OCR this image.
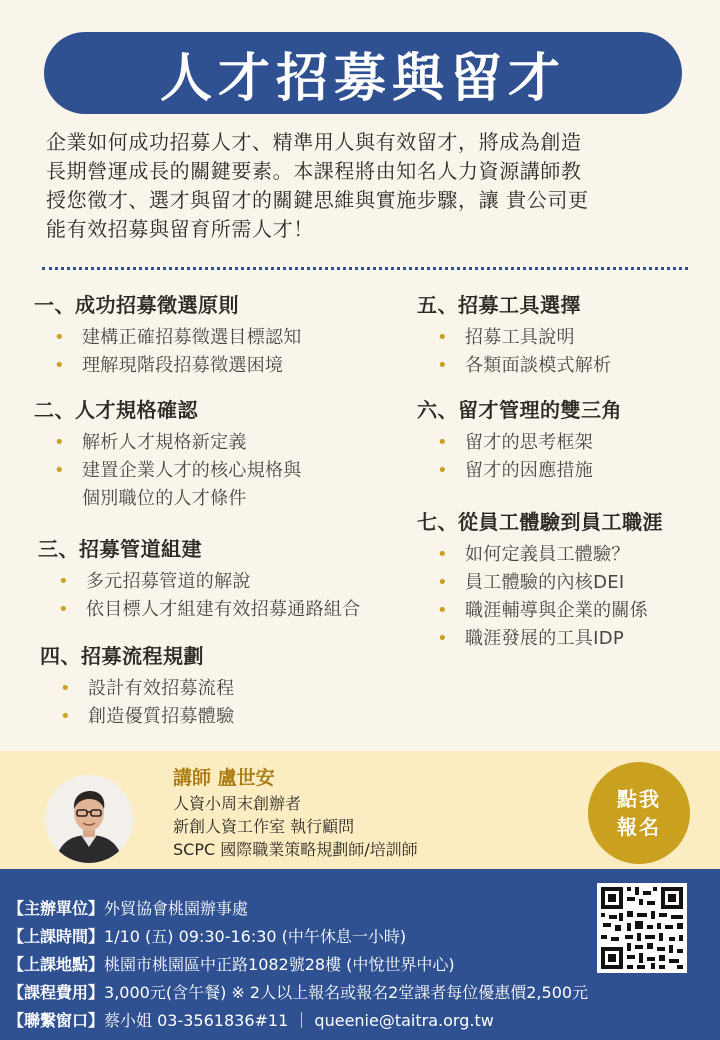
人才招募與留才

企業如何成功招募人才、精準用人與有效留才，將成為創造

長期營運成長的關鍵要素。本課程將由知名人力資源講師教

授您徵才、選才與留才的關鍵思維與實施步驟，讓 貴公司更

能有效招募與留育所需人才！

一、成功招募徵選原則
• 建構正確招募徵選目標認知
• 理解現階段招募徵選困境
二、人才規格確認
• 解析人才規格新定義
• 建置企業人才的核心規格與
個別職位的人才條件
三、招募管道組建
• 多元招募管道的解說
• 依目標人才組建有效招募通路組合
四、招募流程規劃
• 設計有效招募流程
• 創造優質招募體驗
五、招募工具選擇
• 招募工具說明
• 各類面談模式解析
六、留才管理的雙三角
• 留才的思考框架
• 留才的因應措施
七、從員工體驗到員工職涯
• 如何定義員工體驗？
• 員工體驗的內核DEI
• 職涯輔導與企業的關係
• 職涯發展的工具IDP

講師 盧世安

人資小周末創辦者

新創人資工作室 執行顧問

SCPC 國際職業策略規劃師/培訓師

點我
報名
【主辦單位】外貿協會桃園辦事處
【上課時間】1/10 (五) 09:30-16:30 (中午休息一小時)
【上課地點】桃園市桃園區中正路1082號28樓 (中悅世界中心)
【課程費用】3,000元(含午餐) ※ 2人以上報名或報名2堂課者每位優惠價2,500元
【聯繫窗口】蔡小姐 03-3561836#11 ｜ queenie@taitra.org.tw
